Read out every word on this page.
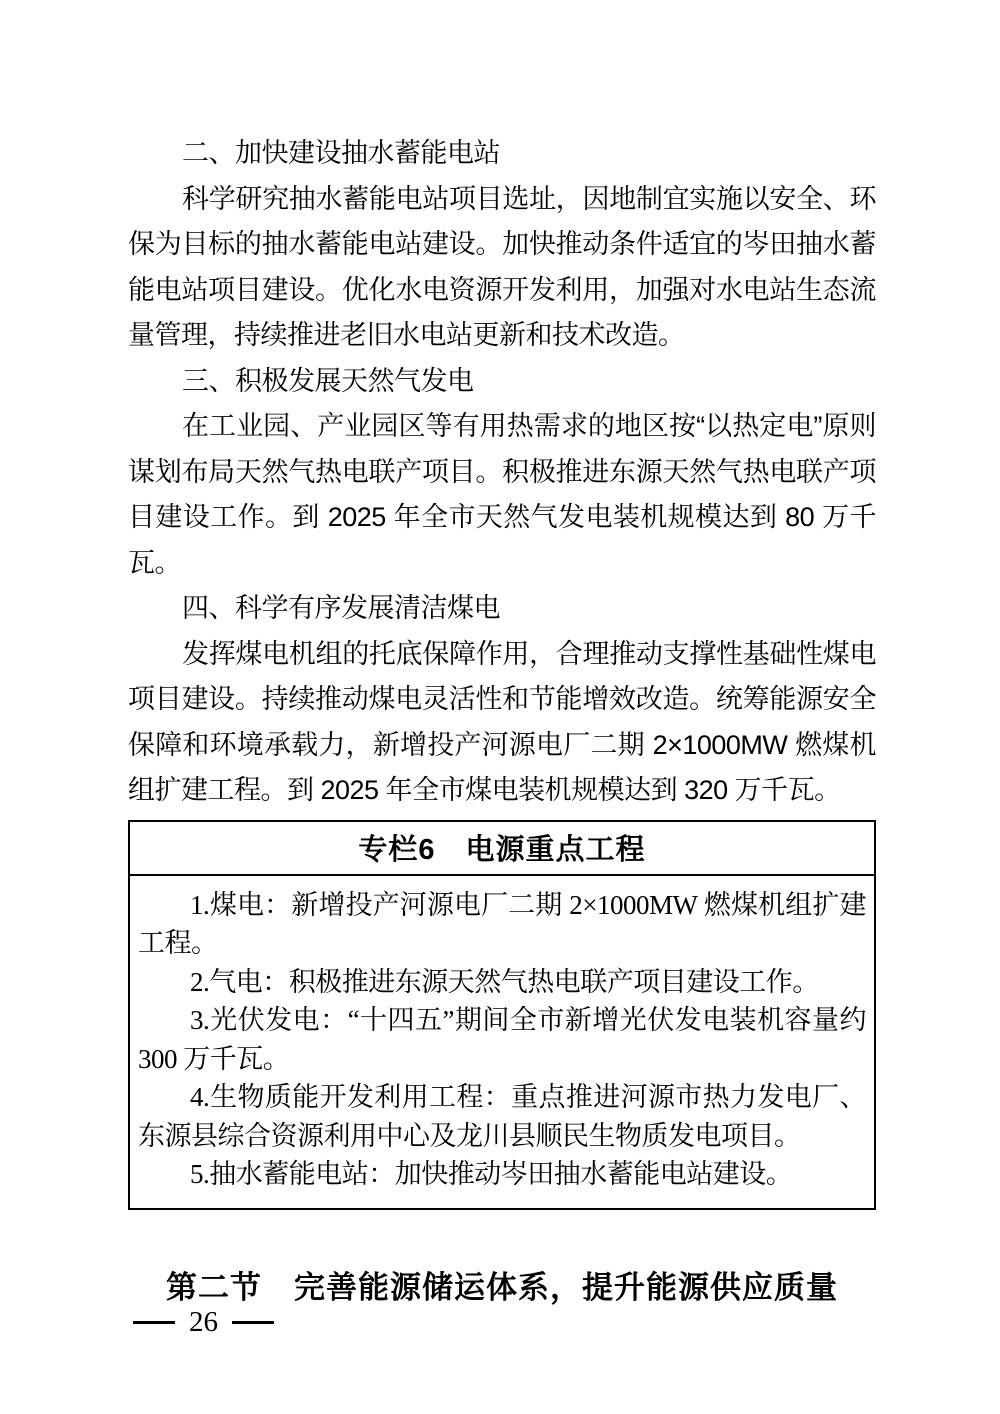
二、加快建设抽水蓄能电站

科学研究抽水蓄能电站项目选址，因地制宜实施以安全、环保为目标的抽水蓄能电站建设。加快推动条件适宜的岑田抽水蓄能电站项目建设。优化水电资源开发利用，加强对水电站生态流量管理，持续推进老旧水电站更新和技术改造。

三、积极发展天然气发电

在工业园、产业园区等有用热需求的地区按“以热定电”原则谋划布局天然气热电联产项目。积极推进东源天然气热电联产项目建设工作。到 2025 年全市天然气发电装机规模达到 80 万千瓦。

四、科学有序发展清洁煤电

发挥煤电机组的托底保障作用，合理推动支撑性基础性煤电项目建设。持续推动煤电灵活性和节能增效改造。统筹能源安全保障和环境承载力，新增投产河源电厂二期 2×1000MW 燃煤机组扩建工程。到 2025 年全市煤电装机规模达到 320 万千瓦。

专栏6　电源重点工程

1.煤电：新增投产河源电厂二期 2×1000MW 燃煤机组扩建工程。

2.气电：积极推进东源天然气热电联产项目建设工作。

3.光伏发电：“十四五”期间全市新增光伏发电装机容量约 300 万千瓦。

4.生物质能开发利用工程：重点推进河源市热力发电厂、东源县综合资源利用中心及龙川县顺民生物质发电项目。

5.抽水蓄能电站：加快推动岑田抽水蓄能电站建设。

第二节　完善能源储运体系，提升能源供应质量
26
